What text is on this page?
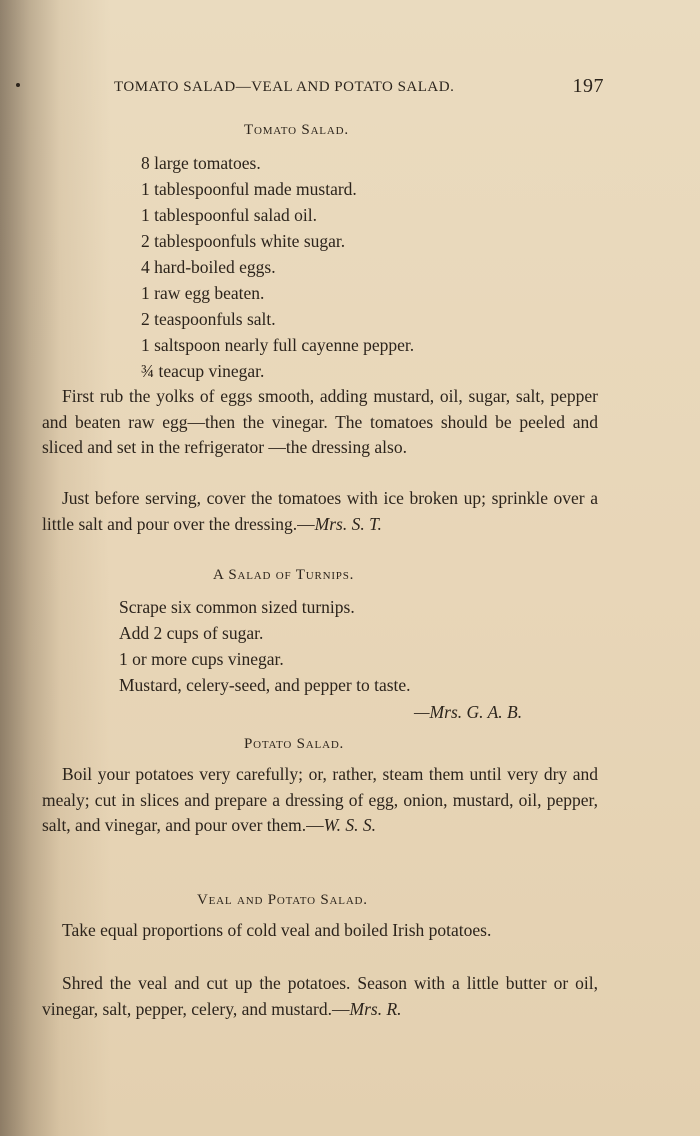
TOMATO SALAD—VEAL AND POTATO SALAD.	197
Tomato Salad.
8 large tomatoes.
1 tablespoonful made mustard.
1 tablespoonful salad oil.
2 tablespoonfuls white sugar.
4 hard-boiled eggs.
1 raw egg beaten.
2 teaspoonfuls salt.
1 saltspoon nearly full cayenne pepper.
¾ teacup vinegar.
First rub the yolks of eggs smooth, adding mustard, oil, sugar, salt, pepper and beaten raw egg—then the vinegar. The tomatoes should be peeled and sliced and set in the refrigerator —the dressing also.
Just before serving, cover the tomatoes with ice broken up; sprinkle over a little salt and pour over the dressing.—Mrs. S. T.
A Salad of Turnips.
Scrape six common sized turnips.
Add 2 cups of sugar.
1 or more cups vinegar.
Mustard, celery-seed, and pepper to taste.
—Mrs. G. A. B.
Potato Salad.
Boil your potatoes very carefully; or, rather, steam them until very dry and mealy; cut in slices and prepare a dressing of egg, onion, mustard, oil, pepper, salt, and vinegar, and pour over them.—W. S. S.
Veal and Potato Salad.
Take equal proportions of cold veal and boiled Irish potatoes.
Shred the veal and cut up the potatoes. Season with a little butter or oil, vinegar, salt, pepper, celery, and mustard.—Mrs. R.
